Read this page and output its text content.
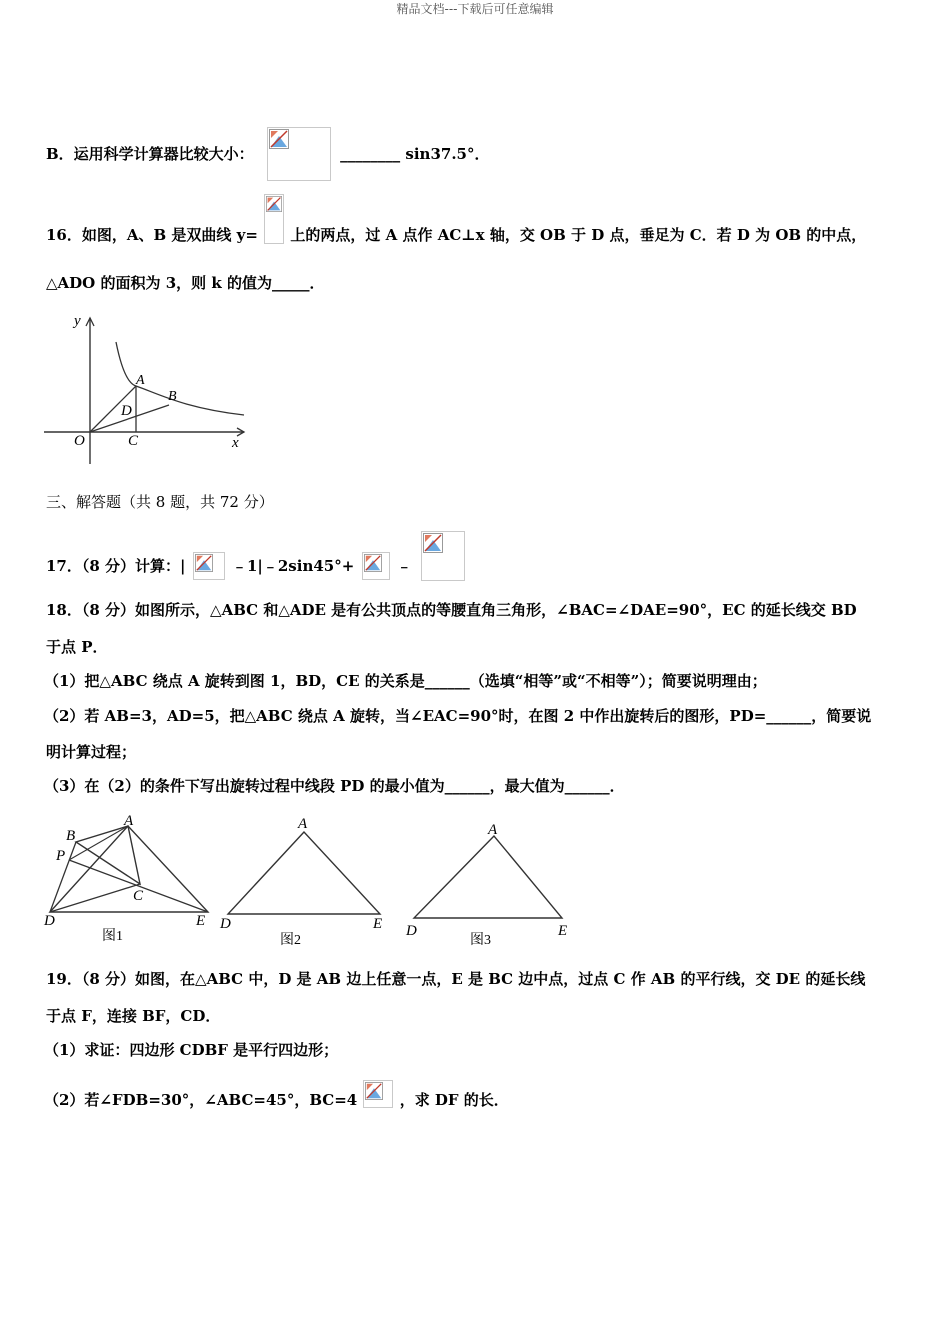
精品文档---下载后可任意编辑
B．运用科学计算器比较大小：	________ sin37.5°．
16．如图，A、B 是双曲线 y= 上的两点，过 A 点作 AC⊥x 轴，交 OB 于 D 点，垂足为 C．若 D 为 OB 的中点，
△ADO 的面积为 3，则 k 的值为_____．
y
x
O
A
B
C
D
三、解答题（共 8 题，共 72 分）
17．（8 分）计算：|	﹣1|﹣2sin45°+	﹣
18．（8 分）如图所示，△ABC 和△ADE 是有公共顶点的等腰直角三角形，∠BAC=∠DAE=90°，EC 的延长线交 BD
于点 P．
（1）把△ABC 绕点 A 旋转到图 1，BD，CE 的关系是______（选填“相等”或“不相等”）；简要说明理由；
（2）若 AB=3，AD=5，把△ABC 绕点 A 旋转，当∠EAC=90°时，在图 2 中作出旋转后的图形，PD=______，简要说
明计算过程；
（3）在（2）的条件下写出旋转过程中线段 PD 的最小值为______，最大值为______．
B
A
P
C
D	E
图1
A
D	E
图2
A
D	E
图3
19．（8 分）如图，在△ABC 中，D 是 AB 边上任意一点，E 是 BC 边中点，过点 C 作 AB 的平行线，交 DE 的延长线
于点 F，连接 BF，CD．
（1）求证：四边形 CDBF 是平行四边形；
（2）若∠FDB=30°，∠ABC=45°，BC=4	，求 DF 的长．
